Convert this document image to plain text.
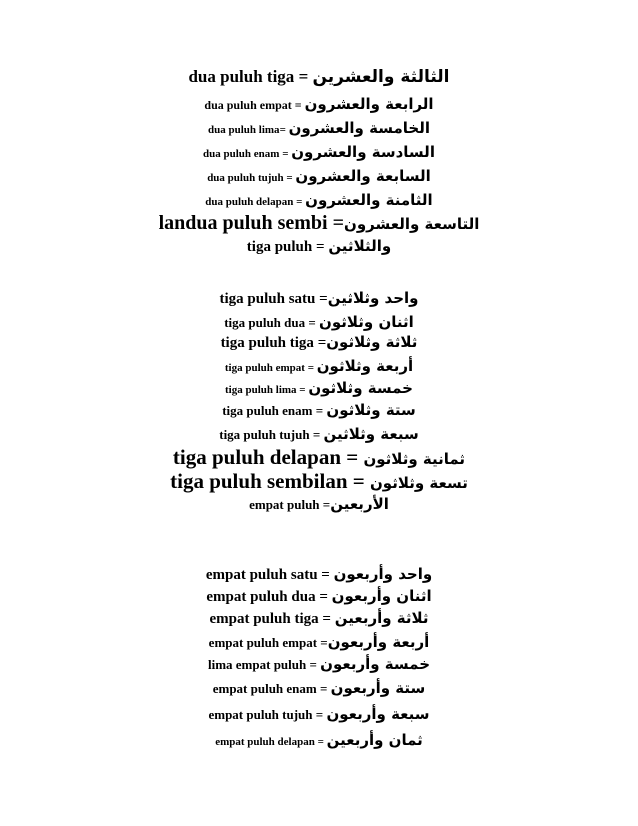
dua puluh tiga = الثالثة والعشرين
dua puluh empat = الرابعة والعشرون
dua puluh lima= الخامسة والعشرون
dua puluh enam = السادسة والعشرون
dua puluh tujuh = السابعة والعشرون
dua puluh delapan = الثامنة والعشرون
landua puluh sembi =التاسعة والعشرون
tiga puluh = والثلاثين
tiga puluh satu =واحد وثلاثين
tiga puluh dua = اثنان وثلاثون
tiga puluh tiga =ثلاثة وثلاثون
tiga puluh empat = أربعة وثلاثون
tiga puluh lima = خمسة وثلاثون
tiga puluh enam = ستة وثلاثون
tiga puluh tujuh = سبعة وثلاثين
tiga puluh delapan = ثمانية وثلاثون
tiga puluh sembilan = تسعة وثلاثون
empat puluh =الأربعين
empat puluh satu = واحد وأربعون
empat puluh dua = اثنان وأربعون
empat puluh tiga = ثلاثة وأربعين
empat puluh empat =أربعة وأربعون
lima empat puluh = خمسة وأربعون
empat puluh enam = ستة وأربعون
empat puluh tujuh = سبعة وأربعون
empat puluh delapan = ثمان وأربعين
